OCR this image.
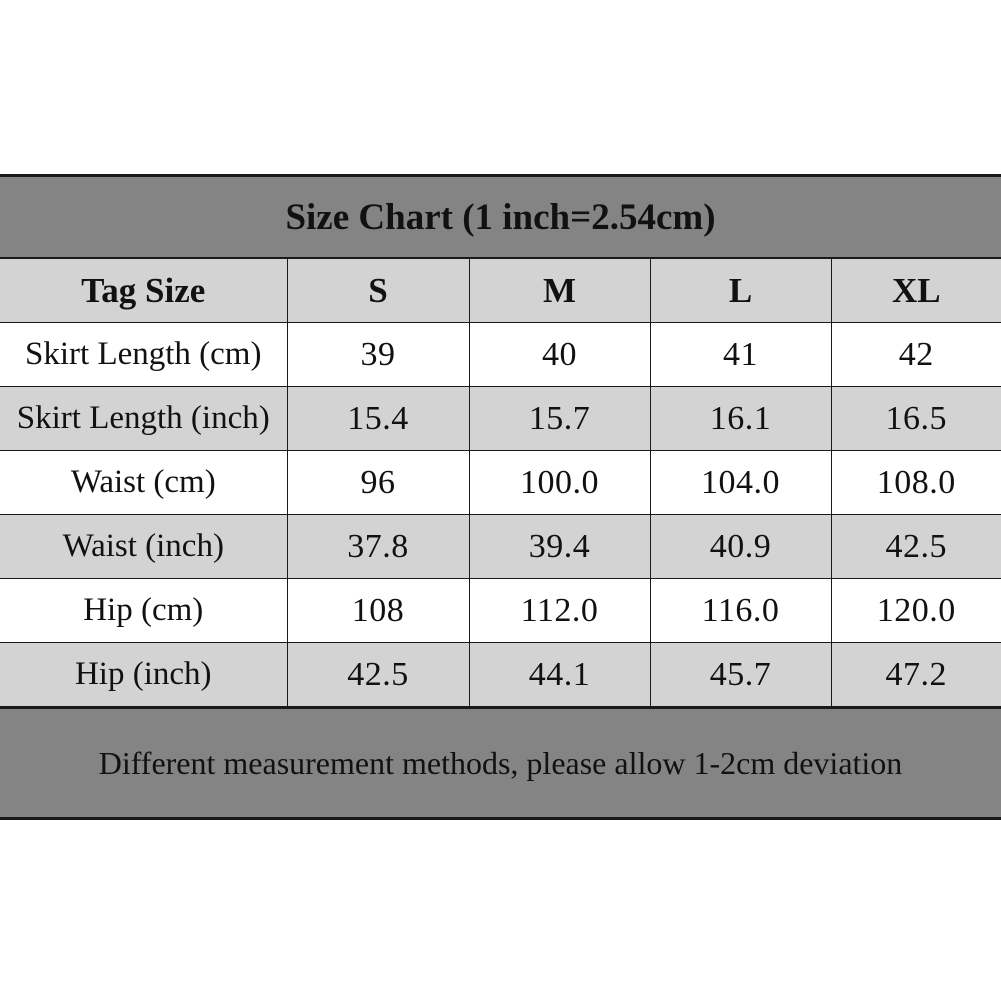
Size Chart (1 inch=2.54cm)
Tag Size	S	M	L	XL
Skirt Length (cm)	39	40	41	42
Skirt Length (inch)	15.4	15.7	16.1	16.5
Waist (cm)	96	100.0	104.0	108.0
Waist (inch)	37.8	39.4	40.9	42.5
Hip (cm)	108	112.0	116.0	120.0
Hip (inch)	42.5	44.1	45.7	47.2
Different measurement methods, please allow 1-2cm deviation
